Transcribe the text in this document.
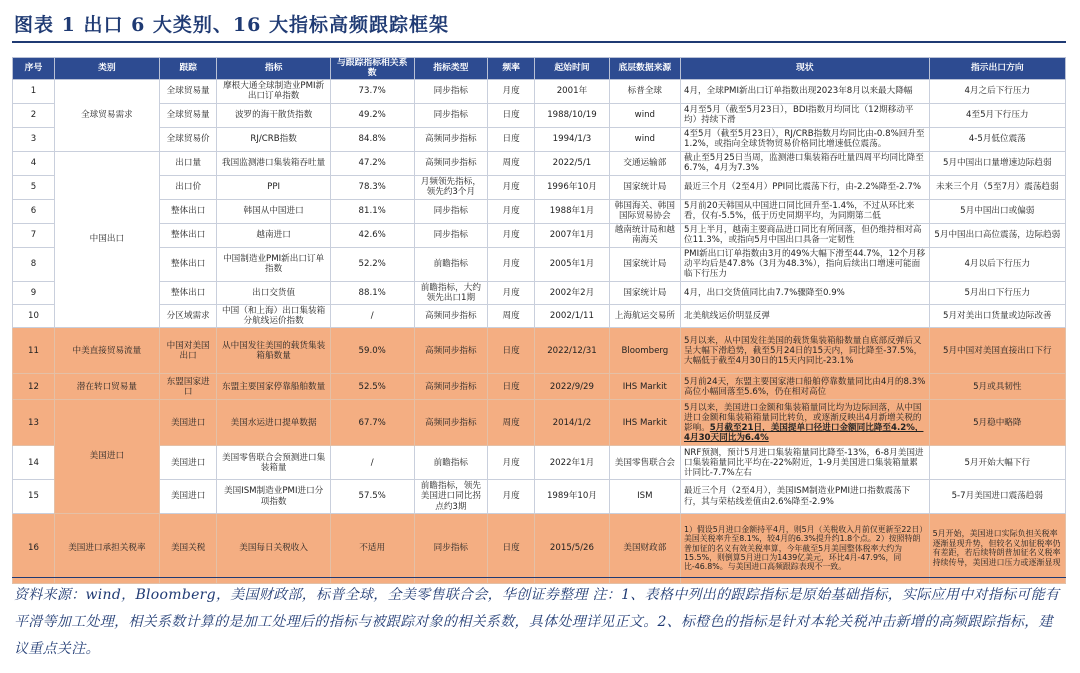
图表 1 出口 6 大类别、16 大指标高频跟踪框架
序号	类别	跟踪	指标	与跟踪指标相关系数	指标类型	频率	起始时间	底层数据来源	现状	指示出口方向
1	全球贸易需求	全球贸易量	摩根大通全球制造业PMI新出口订单指数	73.7%	同步指标	月度	2001年	标普全球	4月，全球PMI新出口订单指数出现2023年8月以来最大降幅	4月之后下行压力
2		全球贸易量	波罗的海干散货指数	49.2%	同步指标	日度	1988/10/19	wind	4月至5月（截至5月23日），BDI指数月均同比（12期移动平均）持续下滑	4至5月下行压力
3		全球贸易价	RJ/CRB指数	84.8%	高频同步指标	日度	1994/1/3	wind	4至5月（截至5月23日），RJ/CRB指数月均同比由-0.8%回升至1.2%，或指向全球货物贸易价格同比增速低位震荡。	4-5月低位震荡
4	中国出口	出口量	我国监测港口集装箱吞吐量	47.2%	高频同步指标	周度	2022/5/1	交通运输部	截止至5月25日当周，监测港口集装箱吞吐量四周平均同比降至6.7%，4月为7.3%	5月中国出口量增速边际趋弱
5		出口价	PPI	78.3%	月频领先指标，领先约3个月	月度	1996年10月	国家统计局	最近三个月（2至4月）PPI同比震荡下行，由-2.2%降至-2.7%	未来三个月（5至7月）震荡趋弱
6		整体出口	韩国从中国进口	81.1%	同步指标	月度	1988年1月	韩国海关、韩国国际贸易协会	5月前20天韩国从中国进口同比回升至-1.4%，不过从环比来看，仅有-5.5%，低于历史同期平均，为同期第二低	5月中国出口或偏弱
7		整体出口	越南进口	42.6%	同步指标	月度	2007年1月	越南统计局和越南海关	5月上半月，越南主要商品进口同比有所回落，但仍维持相对高位11.3%，或指向5月中国出口具备一定韧性	5月中国出口高位震荡，边际趋弱
8		整体出口	中国制造业PMI新出口订单指数	52.2%	前瞻指标	月度	2005年1月	国家统计局	PMI新出口订单指数由3月的49%大幅下滑至44.7%，12个月移动平均后是47.8%（3月为48.3%），指向后续出口增速可能面临下行压力	4月以后下行压力
9		整体出口	出口交货值	88.1%	前瞻指标，大约领先出口1期	月度	2002年2月	国家统计局	4月，出口交货值同比由7.7%骤降至0.9%	5月出口下行压力
10		分区域需求	中国（和上海）出口集装箱分航线运价指数	/	高频同步指标	周度	2002/1/11	上海航运交易所	北美航线运价明显反弹	5月对美出口货量或边际改善
11	中美直接贸易流量	中国对美国出口	从中国发往美国的载货集装箱船数量	59.0%	高频同步指标	日度	2022/12/31	Bloomberg	5月以来，从中国发往美国的载货集装箱船数量自底部反弹后又呈大幅下滑趋势，截至5月24日的15天内，同比降至-37.5%，大幅低于截至4月30日的15天内同比-23.1%	5月中国对美国直接出口下行
12	潜在转口贸易量	东盟国家进口	东盟主要国家停靠船舶数量	52.5%	高频同步指标	日度	2022/9/29	IHS Markit	5月前24天，东盟主要国家港口船舶停靠数量同比由4月的8.3%高位小幅回落至5.6%，仍在相对高位	5月或具韧性
13	美国进口	美国进口	美国水运进口提单数据	67.7%	高频同步指标	周度	2014/1/2	IHS Markit	5月以来，美国进口金额和集装箱量同比均为边际回落，从中国进口金额和集装箱箱量同比转负，或逐渐反映出4月新增关税的影响。5月截至21日，美国提单口径进口金额同比降至4.2%，4月30天同比为6.4%	5月稳中略降
14		美国进口	美国零售联合会预测进口集装箱量	/	前瞻指标	月度	2022年1月	美国零售联合会	NRF预测，预计5月进口集装箱量同比降至-13%，6-8月美国进口集装箱量同比平均在-22%附近，1-9月美国进口集装箱量累计同比-7.7%左右	5月开始大幅下行
15		美国进口	美国ISM制造业PMI进口分项指数	57.5%	前瞻指标，领先美国进口同比拐点约3期	月度	1989年10月	ISM	最近三个月（2至4月），美国ISM制造业PMI进口指数震荡下行，其与荣枯线差值由2.6%降至-2.9%	5-7月美国进口震荡趋弱
16	美国进口承担关税率	美国关税	美国每日关税收入	不适用	同步指标	日度	2015/5/26	美国财政部	1）假设5月进口金额持平4月，则5月（关税收入月前仅更新至22日）美国关税率升至8.1%，较4月的6.3%提升约1.8个点。2）按照特朗普加征的名义有效关税率算，今年截至5月美国整体税率大约为15.5%，则倒算5月进口为1439亿美元，环比4月-47.9%，同比-46.8%。与美国进口高频跟踪表现不一致。	5月开始，美国进口实际负担关税率逐渐显现升势，但较名义加征税率仍有差距，若后续特朗普加征名义税率持续传导，美国进口压力或逐渐显现
资料来源：wind，Bloomberg，美国财政部，标普全球，全美零售联合会，华创证券整理 注：1、表格中列出的跟踪指标是原始基础指标，实际应用中对指标可能有平滑等加工处理，相关系数计算的是加工处理后的指标与被跟踪对象的相关系数，具体处理详见正文。2、标橙色的指标是针对本轮关税冲击新增的高频跟踪指标，建议重点关注。
